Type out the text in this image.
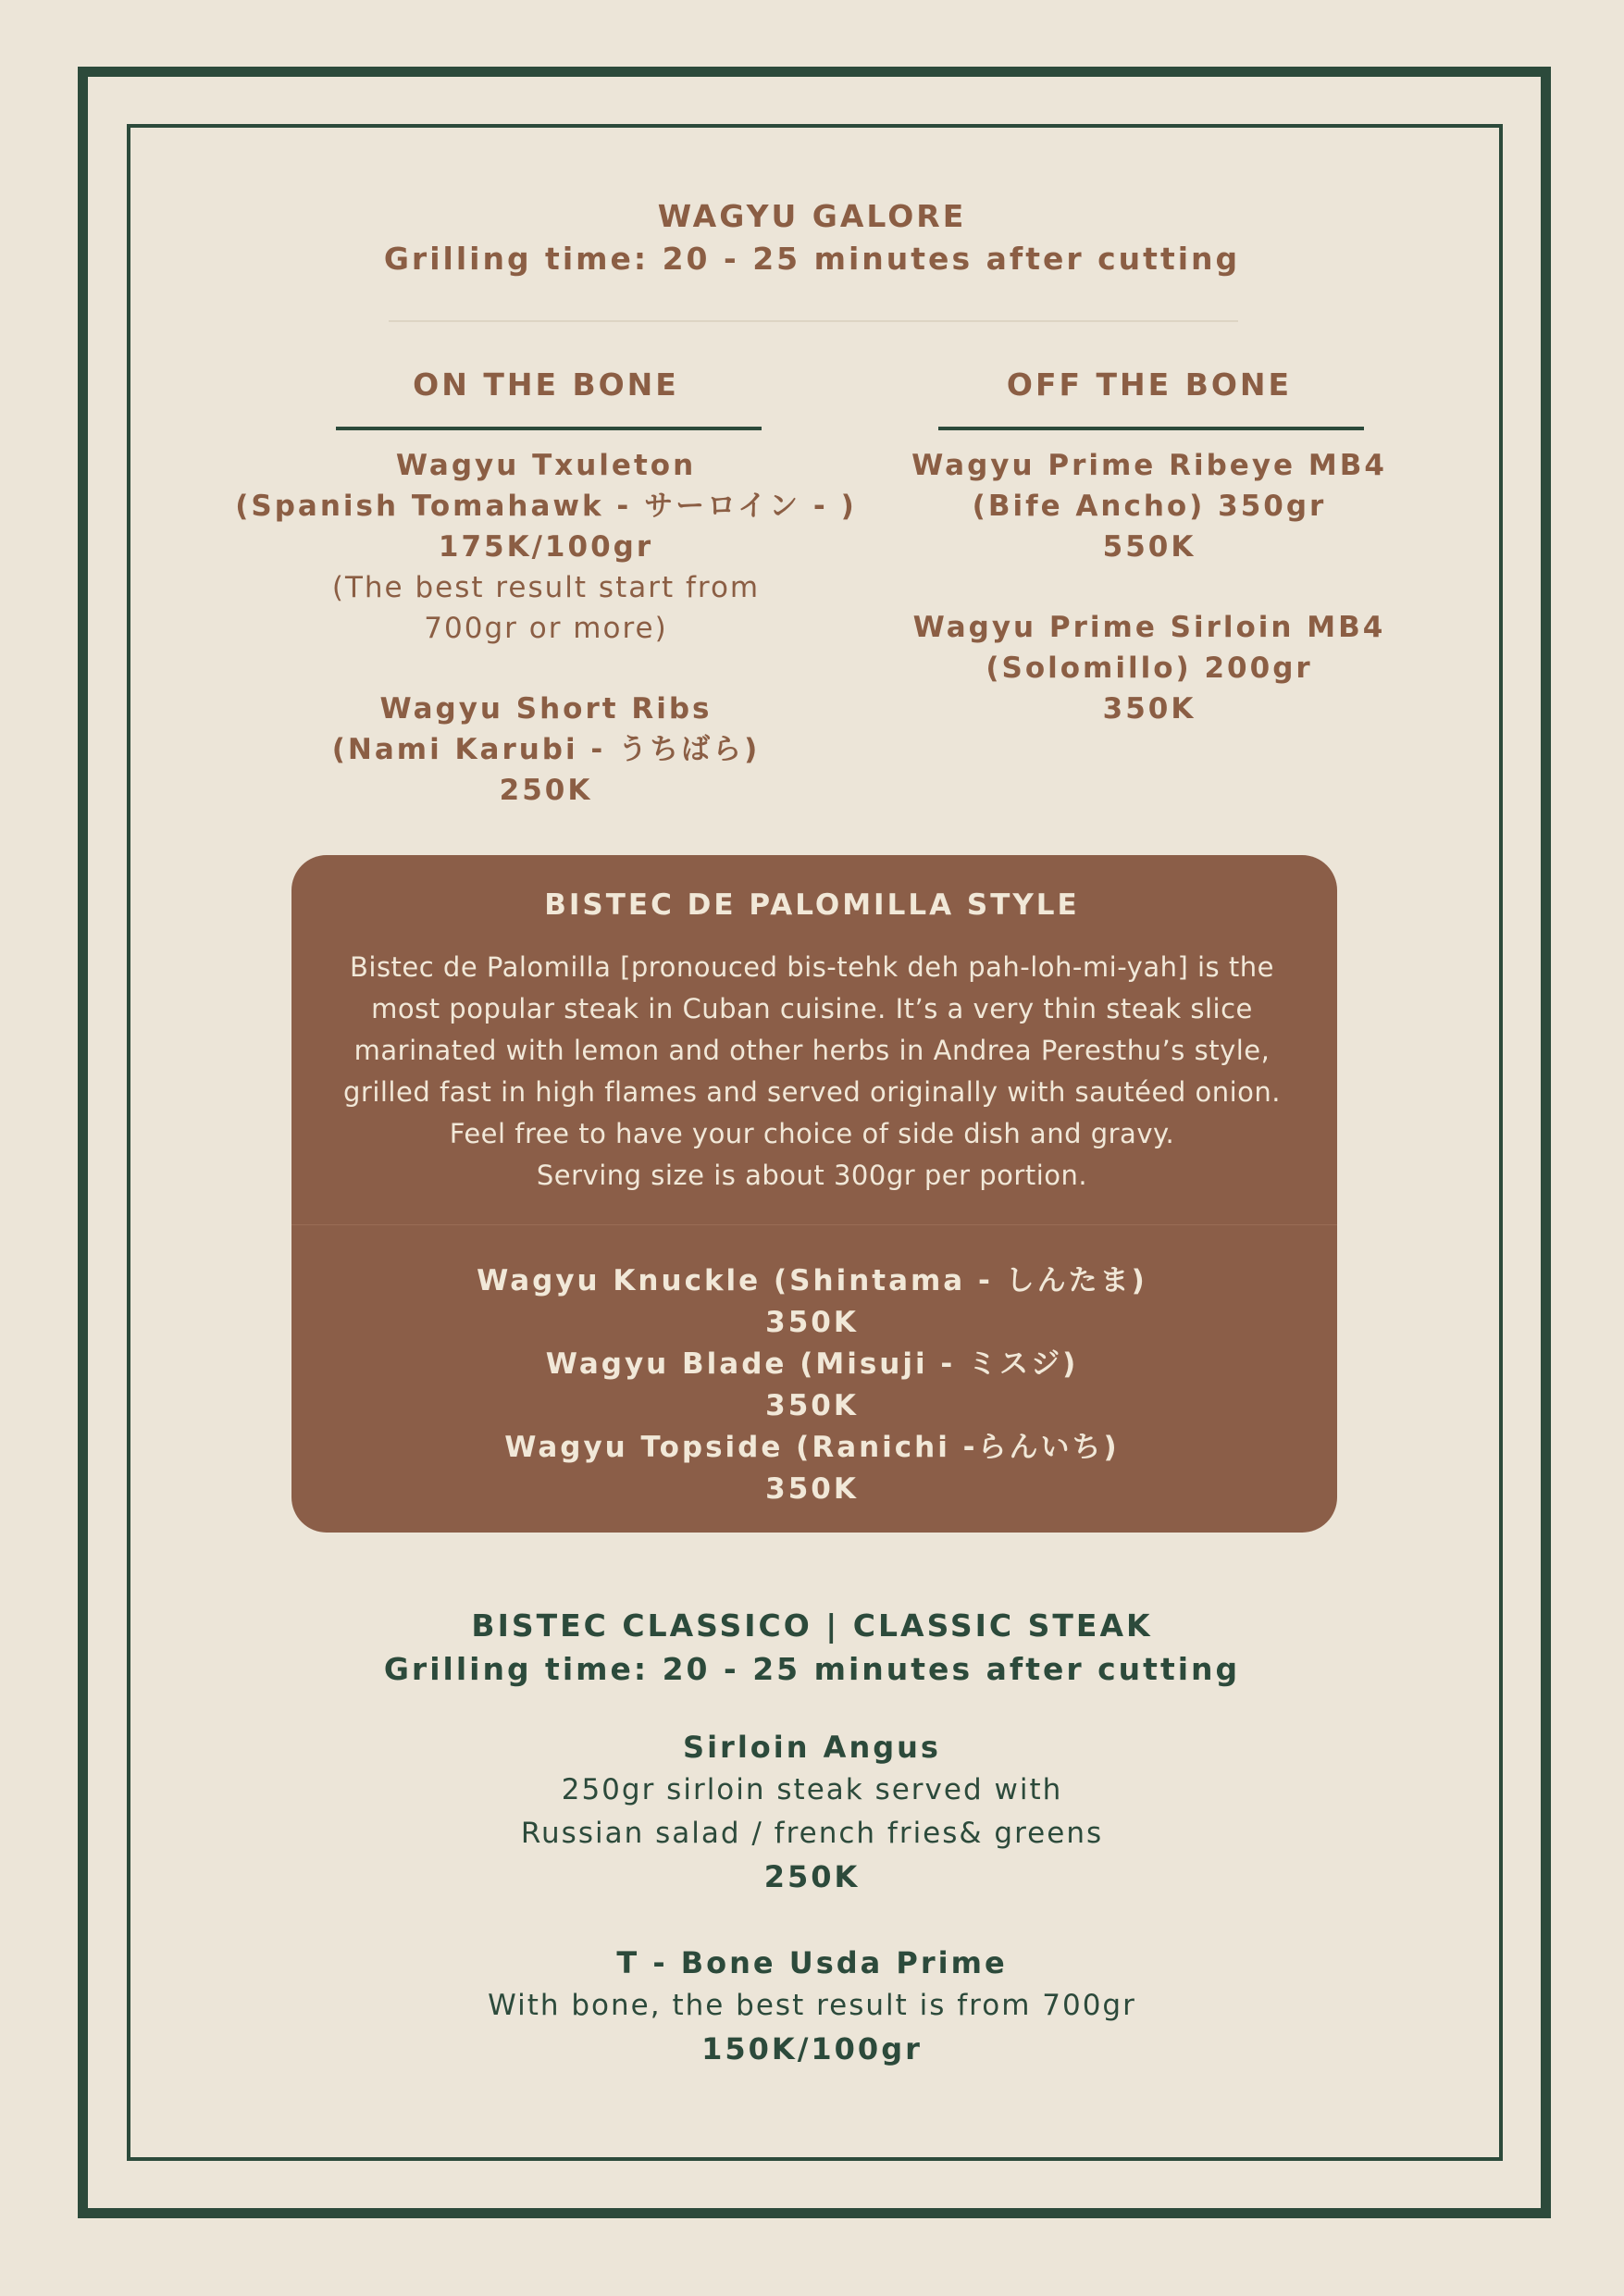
WAGYU GALORE
Grilling time: 20 - 25 minutes after cutting
ON THE BONE
Wagyu Txuleton
(Spanish Tomahawk - サーロイン - )
175K/100gr
(The best result start from
700gr or more)
Wagyu Short Ribs
(Nami Karubi - うちばら)
250K
OFF THE BONE
Wagyu Prime Ribeye MB4
(Bife Ancho) 350gr
550K
Wagyu Prime Sirloin MB4
(Solomillo) 200gr
350K
BISTEC DE PALOMILLA STYLE
Bistec de Palomilla [pronouced bis-tehk deh pah-loh-mi-yah] is the
most popular steak in Cuban cuisine. It’s a very thin steak slice
marinated with lemon and other herbs in Andrea Peresthu’s style,
grilled fast in high flames and served originally with sautéed onion.
Feel free to have your choice of side dish and gravy.
Serving size is about 300gr per portion.
Wagyu Knuckle (Shintama - しんたま)
350K
Wagyu Blade (Misuji - ミスジ)
350K
Wagyu Topside (Ranichi -らんいち)
350K
BISTEC CLASSICO | CLASSIC STEAK
Grilling time: 20 - 25 minutes after cutting
Sirloin Angus
250gr sirloin steak served with
Russian salad / french fries& greens
250K
T - Bone Usda Prime
With bone, the best result is from 700gr
150K/100gr
